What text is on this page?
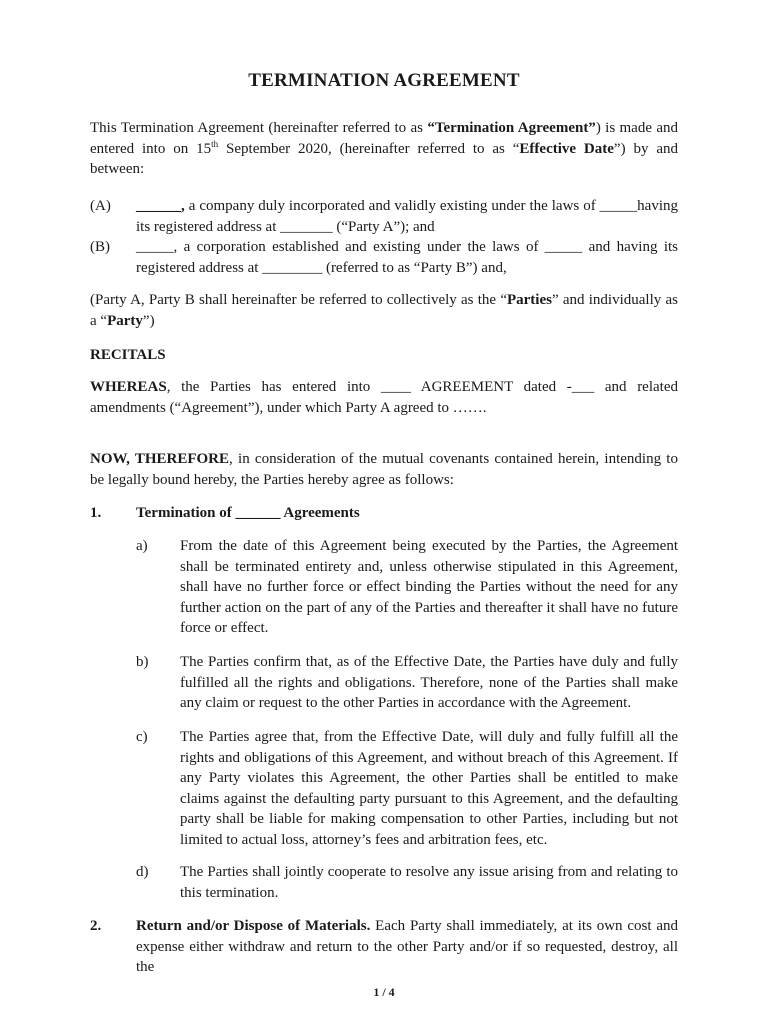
TERMINATION AGREEMENT
This Termination Agreement (hereinafter referred to as “Termination Agreement”) is made and entered into on 15th September 2020, (hereinafter referred to as “Effective Date”) by and between:
(A) ______, a company duly incorporated and validly existing under the laws of _____having its registered address at _______ (“Party A”); and
(B) _____, a corporation established and existing under the laws of _____ and having its registered address at ________ (referred to as “Party B”) and,
(Party A, Party B shall hereinafter be referred to collectively as the “Parties” and individually as a “Party”)
RECITALS
WHEREAS, the Parties has entered into ____ AGREEMENT dated -___ and related amendments (“Agreement”), under which Party A agreed to …….
NOW, THEREFORE, in consideration of the mutual covenants contained herein, intending to be legally bound hereby, the Parties hereby agree as follows:
1. Termination of ______ Agreements
a) From the date of this Agreement being executed by the Parties, the Agreement shall be terminated entirety and, unless otherwise stipulated in this Agreement, shall have no further force or effect binding the Parties without the need for any further action on the part of any of the Parties and thereafter it shall have no future force or effect.
b) The Parties confirm that, as of the Effective Date, the Parties have duly and fully fulfilled all the rights and obligations. Therefore, none of the Parties shall make any claim or request to the other Parties in accordance with the Agreement.
c) The Parties agree that, from the Effective Date, will duly and fully fulfill all the rights and obligations of this Agreement, and without breach of this Agreement. If any Party violates this Agreement, the other Parties shall be entitled to make claims against the defaulting party pursuant to this Agreement, and the defaulting party shall be liable for making compensation to other Parties, including but not limited to actual loss, attorney’s fees and arbitration fees, etc.
d) The Parties shall jointly cooperate to resolve any issue arising from and relating to this termination.
2. Return and/or Dispose of Materials. Each Party shall immediately, at its own cost and expense either withdraw and return to the other Party and/or if so requested, destroy, all the
1 / 4
